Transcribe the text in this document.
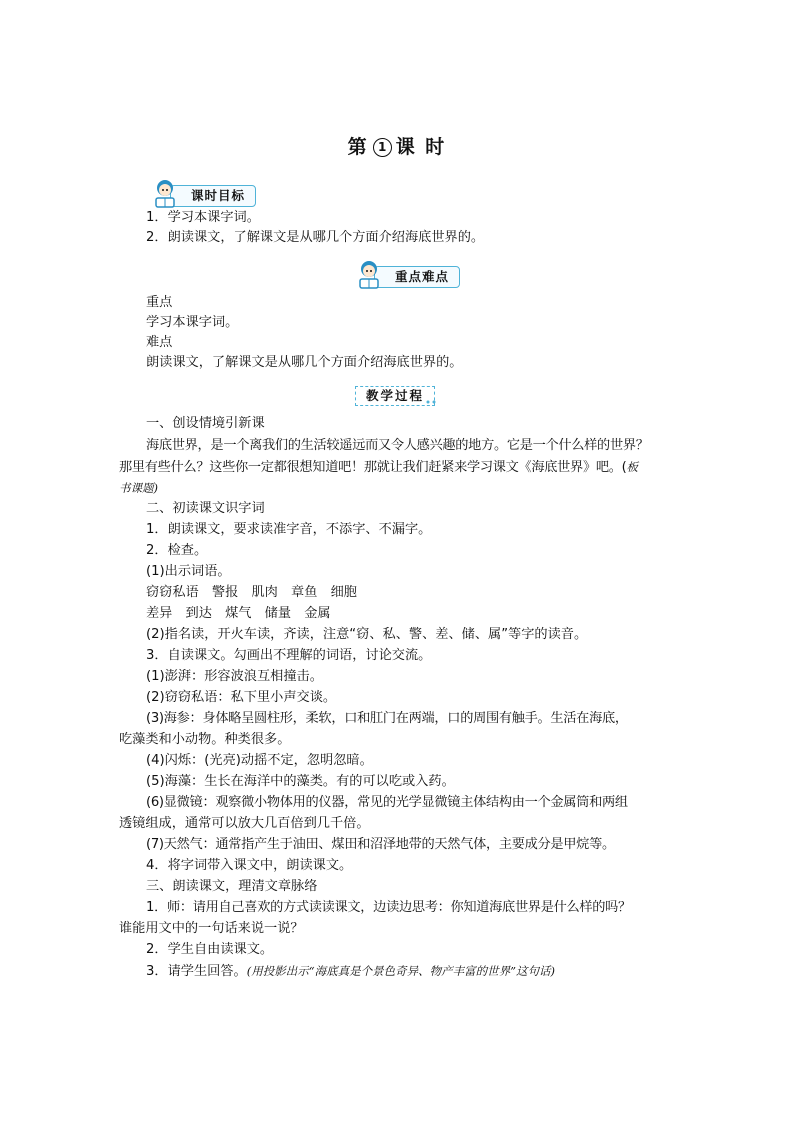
第 1 课 时
课时目标
1．学习本课字词。
2．朗读课文，了解课文是从哪几个方面介绍海底世界的。
重点难点
重点
学习本课字词。
难点
朗读课文，了解课文是从哪几个方面介绍海底世界的。
教学过程
一、创设情境引新课
海底世界，是一个离我们的生活较遥远而又令人感兴趣的地方。它是一个什么样的世界？
那里有些什么？这些你一定都很想知道吧！那就让我们赶紧来学习课文《海底世界》吧。(板
书课题)
二、初读课文识字词
1．朗读课文，要求读准字音，不添字、不漏字。
2．检查。
(1)出示词语。
窃窃私语　警报　肌肉　章鱼　细胞
差异　到达　煤气　储量　金属
(2)指名读，开火车读，齐读，注意“窃、私、警、差、储、属”等字的读音。
3．自读课文。勾画出不理解的词语，讨论交流。
(1)澎湃：形容波浪互相撞击。
(2)窃窃私语：私下里小声交谈。
(3)海参：身体略呈圆柱形，柔软，口和肛门在两端，口的周围有触手。生活在海底，
吃藻类和小动物。种类很多。
(4)闪烁：(光亮)动摇不定，忽明忽暗。
(5)海藻：生长在海洋中的藻类。有的可以吃或入药。
(6)显微镜：观察微小物体用的仪器，常见的光学显微镜主体结构由一个金属筒和两组
透镜组成，通常可以放大几百倍到几千倍。
(7)天然气：通常指产生于油田、煤田和沼泽地带的天然气体，主要成分是甲烷等。
4．将字词带入课文中，朗读课文。
三、朗读课文，理清文章脉络
1．师：请用自己喜欢的方式读读课文，边读边思考：你知道海底世界是什么样的吗？
谁能用文中的一句话来说一说？
2．学生自由读课文。
3．请学生回答。(用投影出示“海底真是个景色奇异、物产丰富的世界”这句话)
